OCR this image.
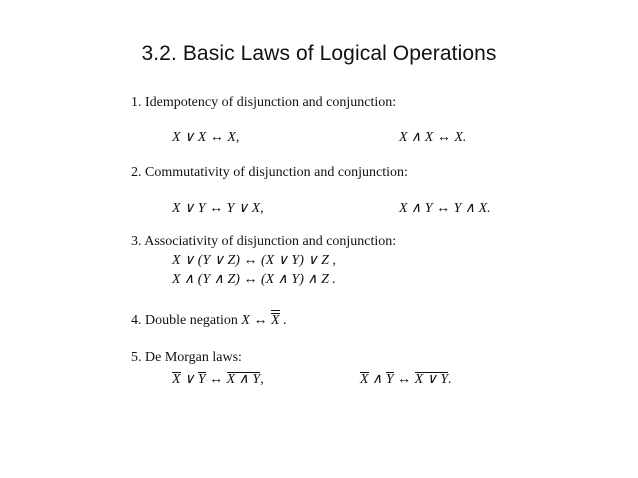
3.2. Basic Laws of Logical Operations
1. Idempotency of disjunction and conjunction:
X ∨ X ↔ X,	X ∧ X ↔ X.
2. Commutativity of disjunction and conjunction:
X ∨ Y ↔ Y ∨ X,	X ∧ Y ↔ Y ∧ X.
3. Associativity of disjunction and conjunction:
X ∨ (Y ∨ Z) ↔ (X ∨ Y) ∨ Z ,
X ∧ (Y ∧ Z) ↔ (X ∧ Y) ∧ Z .
4. Double negation X ↔ X .
5. De Morgan laws:
X ∨ Y ↔ X ∧ Y,	X ∧ Y ↔ X ∨ Y.
